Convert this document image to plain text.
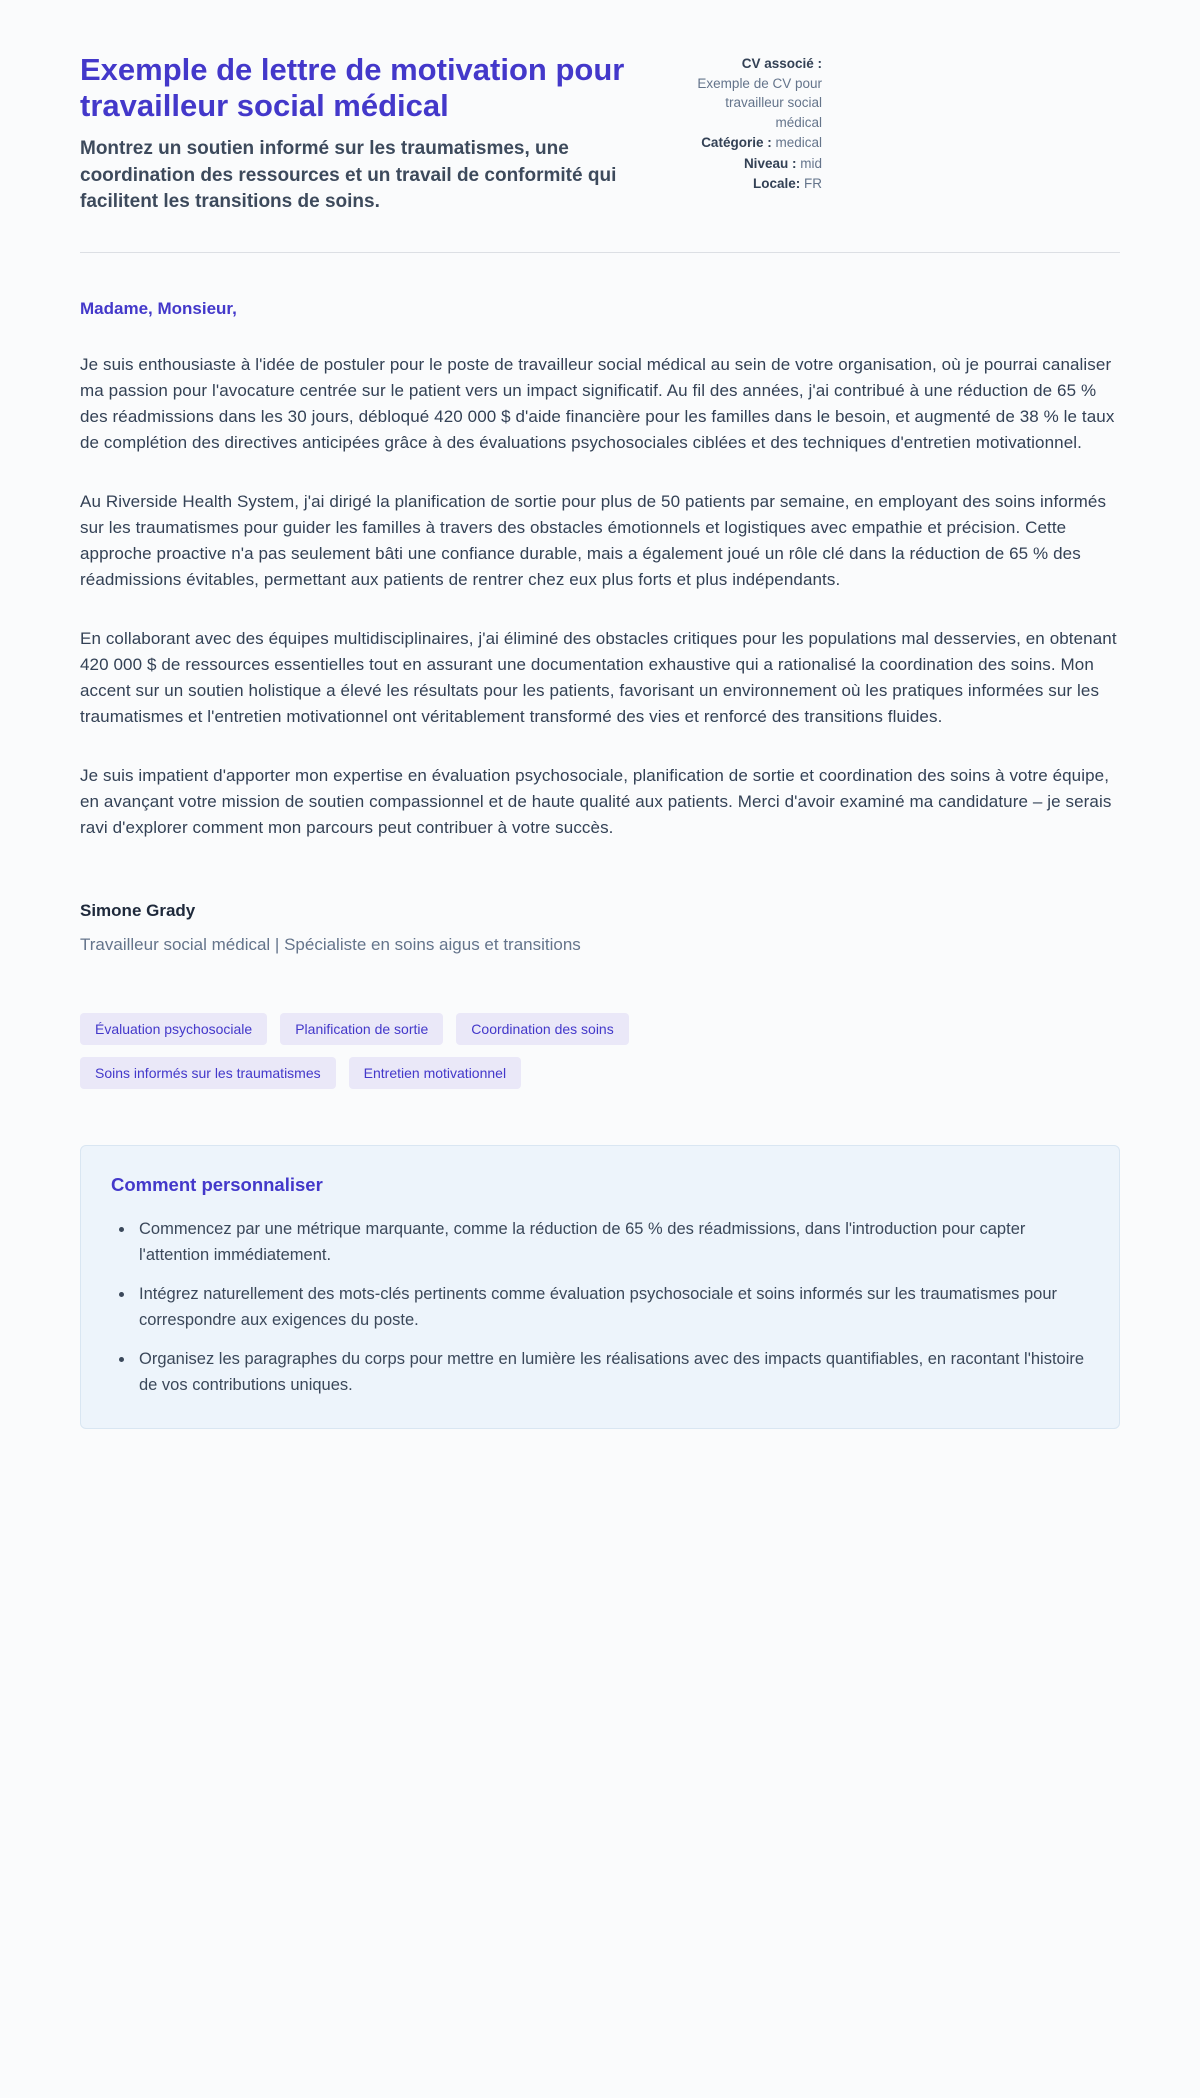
Exemple de lettre de motivation pour travailleur social médical
Montrez un soutien informé sur les traumatismes, une coordination des ressources et un travail de conformité qui facilitent les transitions de soins.
CV associé :
Exemple de CV pour travailleur social médical
Catégorie : medical
Niveau : mid
Locale: FR
Madame, Monsieur,

Je suis enthousiaste à l'idée de postuler pour le poste de travailleur social médical au sein de votre organisation, où je pourrai canaliser ma passion pour l'avocature centrée sur le patient vers un impact significatif. Au fil des années, j'ai contribué à une réduction de 65 % des réadmissions dans les 30 jours, débloqué 420 000 $ d'aide financière pour les familles dans le besoin, et augmenté de 38 % le taux de complétion des directives anticipées grâce à des évaluations psychosociales ciblées et des techniques d'entretien motivationnel.

Au Riverside Health System, j'ai dirigé la planification de sortie pour plus de 50 patients par semaine, en employant des soins informés sur les traumatismes pour guider les familles à travers des obstacles émotionnels et logistiques avec empathie et précision. Cette approche proactive n'a pas seulement bâti une confiance durable, mais a également joué un rôle clé dans la réduction de 65 % des réadmissions évitables, permettant aux patients de rentrer chez eux plus forts et plus indépendants.

En collaborant avec des équipes multidisciplinaires, j'ai éliminé des obstacles critiques pour les populations mal desservies, en obtenant 420 000 $ de ressources essentielles tout en assurant une documentation exhaustive qui a rationalisé la coordination des soins. Mon accent sur un soutien holistique a élevé les résultats pour les patients, favorisant un environnement où les pratiques informées sur les traumatismes et l'entretien motivationnel ont véritablement transformé des vies et renforcé des transitions fluides.

Je suis impatient d'apporter mon expertise en évaluation psychosociale, planification de sortie et coordination des soins à votre équipe, en avançant votre mission de soutien compassionnel et de haute qualité aux patients. Merci d'avoir examiné ma candidature – je serais ravi d'explorer comment mon parcours peut contribuer à votre succès.

Simone Grady
Travailleur social médical | Spécialiste en soins aigus et transitions
Évaluation psychosociale	Planification de sortie	Coordination des soins
Soins informés sur les traumatismes	Entretien motivationnel
Comment personnaliser
• Commencez par une métrique marquante, comme la réduction de 65 % des réadmissions, dans l'introduction pour capter l'attention immédiatement.
• Intégrez naturellement des mots-clés pertinents comme évaluation psychosociale et soins informés sur les traumatismes pour correspondre aux exigences du poste.
• Organisez les paragraphes du corps pour mettre en lumière les réalisations avec des impacts quantifiables, en racontant l'histoire de vos contributions uniques.
